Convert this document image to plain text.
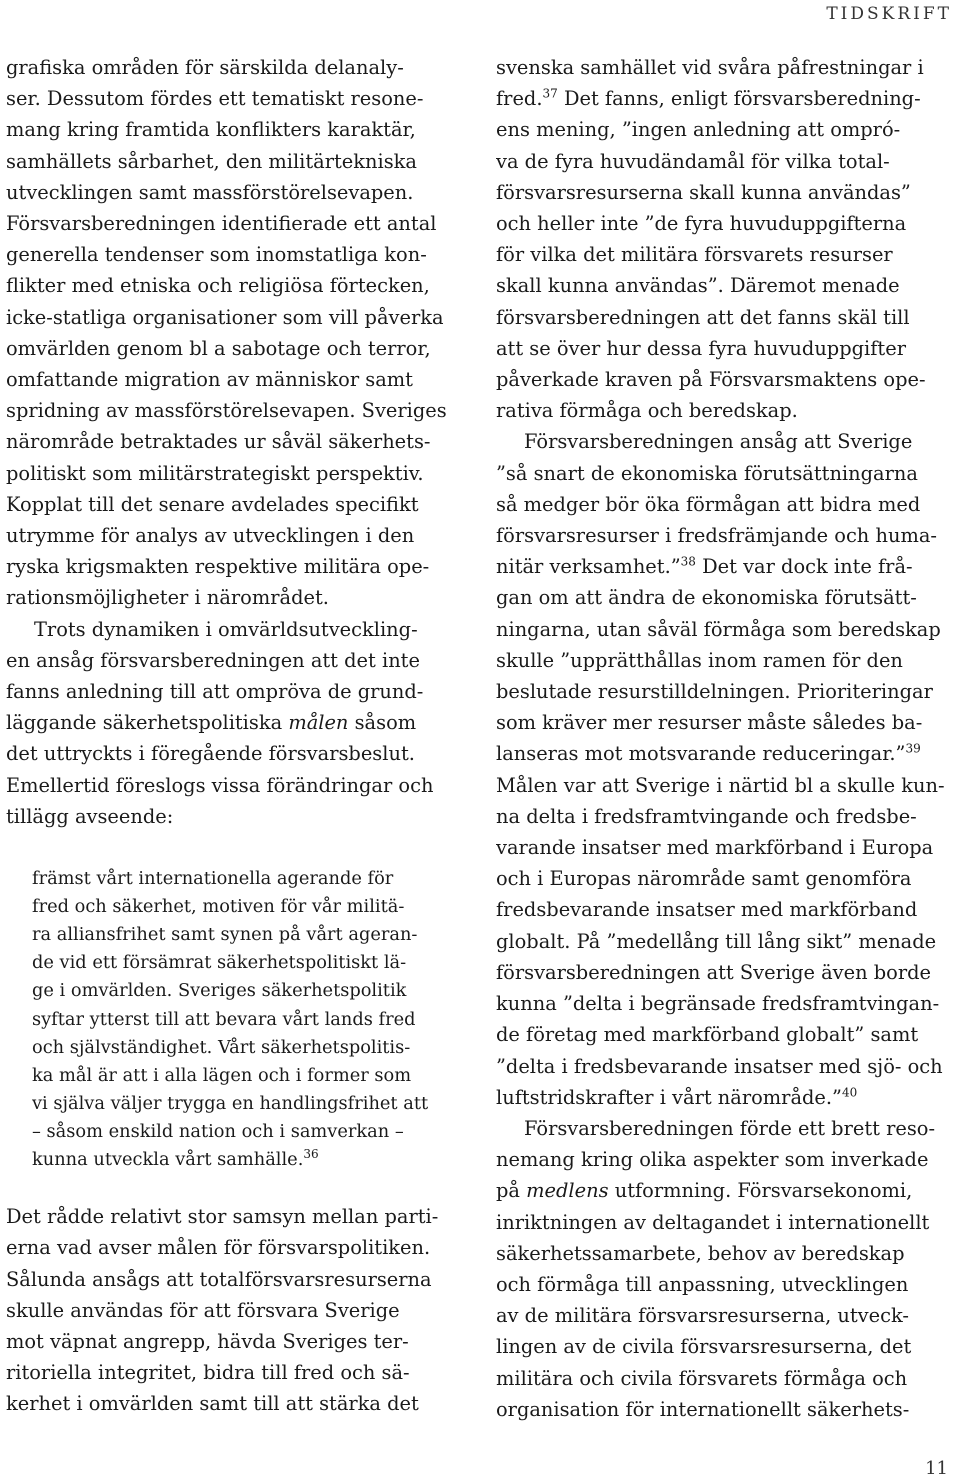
TIDSKRIFT
grafiska områden för särskilda delanaly-
ser. Dessutom fördes ett tematiskt resone-
mang kring framtida konflikters karaktär,
samhällets sårbarhet, den militärtekniska
utvecklingen samt massförstörelsevapen.
Försvarsberedningen identifierade ett antal
generella tendenser som inomstatliga kon-
flikter med etniska och religiösa förtecken,
icke-statliga organisationer som vill påverka
omvärlden genom bl a sabotage och terror,
omfattande migration av människor samt
spridning av massförstörelsevapen. Sveriges
närområde betraktades ur såväl säkerhets-
politiskt som militärstrategiskt perspektiv.
Kopplat till det senare avdelades specifikt
utrymme för analys av utvecklingen i den
ryska krigsmakten respektive militära ope-
rationsmöjligheter i närområdet.
Trots dynamiken i omvärldsutveckling-
en ansåg försvarsberedningen att det inte
fanns anledning till att ompröva de grund-
läggande säkerhetspolitiska målen såsom
det uttryckts i föregående försvarsbeslut.
Emellertid föreslogs vissa förändringar och
tillägg avseende:
främst vårt internationella agerande för
fred och säkerhet, motiven för vår militä-
ra alliansfrihet samt synen på vårt ageran-
de vid ett försämrat säkerhetspolitiskt lä-
ge i omvärlden. Sveriges säkerhetspolitik
syftar ytterst till att bevara vårt lands fred
och självständighet. Vårt säkerhetspolitis-
ka mål är att i alla lägen och i former som
vi själva väljer trygga en handlingsfrihet att
– såsom enskild nation och i samverkan –
kunna utveckla vårt samhälle.$^{36}$
Det rådde relativt stor samsyn mellan parti-
erna vad avser målen för försvarspolitiken.
Sålunda ansågs att totalförsvarsresurserna
skulle användas för att försvara Sverige
mot väpnat angrepp, hävda Sveriges ter-
ritoriella integritet, bidra till fred och sä-
kerhet i omvärlden samt till att stärka det
svenska samhället vid svåra påfrestningar i
fred.$^{37}$ Det fanns, enligt försvarsberedning-
ens mening, ”ingen anledning att ompró-
va de fyra huvudändamål för vilka total-
försvarsresurserna skall kunna användas”
och heller inte ”de fyra huvuduppgifterna
för vilka det militära försvarets resurser
skall kunna användas”. Däremot menade
försvarsberedningen att det fanns skäl till
att se över hur dessa fyra huvuduppgifter
påverkade kraven på Försvarsmaktens ope-
rativa förmåga och beredskap.
Försvarsberedningen ansåg att Sverige
”så snart de ekonomiska förutsättningarna
så medger bör öka förmågan att bidra med
försvarsresurser i fredsfrämjande och huma-
nitär verksamhet.”$^{38}$ Det var dock inte frå-
gan om att ändra de ekonomiska förutsätt-
ningarna, utan såväl förmåga som beredskap
skulle ”upprätthållas inom ramen för den
beslutade resurstilldelningen. Prioriteringar
som kräver mer resurser måste således ba-
lanseras mot motsvarande reduceringar.”$^{39}$
Målen var att Sverige i närtid bl a skulle kun-
na delta i fredsframtvingande och fredsbe-
varande insatser med markförband i Europa
och i Europas närområde samt genomföra
fredsbevarande insatser med markförband
globalt. På ”medellång till lång sikt” menade
försvarsberedningen att Sverige även borde
kunna ”delta i begränsade fredsframtvingan-
de företag med markförband globalt” samt
”delta i fredsbevarande insatser med sjö- och
luftstridskrafter i vårt närområde.”$^{40}$
Försvarsberedningen förde ett brett reso-
nemang kring olika aspekter som inverkade
på medlens utformning. Försvarsekonomi,
inriktningen av deltagandet i internationellt
säkerhetssamarbete, behov av beredskap
och förmåga till anpassning, utvecklingen
av de militära försvarsresurserna, utveck-
lingen av de civila försvarsresurserna, det
militära och civila försvarets förmåga och
organisation för internationellt säkerhets-
11
